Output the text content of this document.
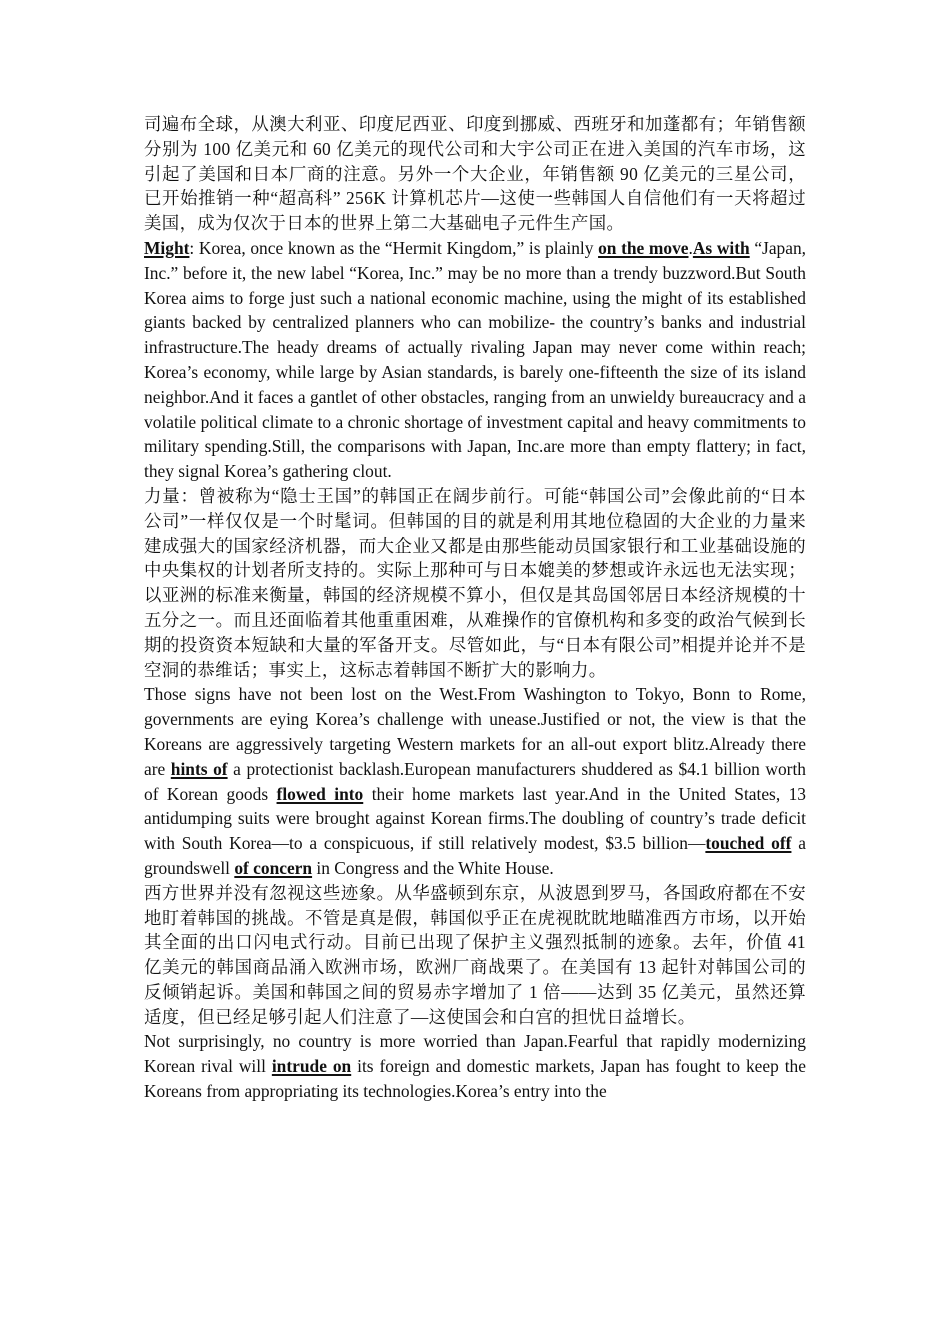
司遍布全球，从澳大利亚、印度尼西亚、印度到挪威、西班牙和加蓬都有；年销售额分别为 100 亿美元和 60 亿美元的现代公司和大宇公司正在进入美国的汽车市场，这引起了美国和日本厂商的注意。另外一个大企业，年销售额 90 亿美元的三星公司，已开始推销一种“超高科” 256K 计算机芯片—这使一些韩国人自信他们有一天将超过美国，成为仅次于日本的世界上第二大基础电子元件生产国。

Might: Korea, once known as the “Hermit Kingdom,” is plainly on the move.As with “Japan, Inc.” before it, the new label “Korea, Inc.” may be no more than a trendy buzzword.But South Korea aims to forge just such a national economic machine, using the might of its established giants backed by centralized planners who can mobilize- the country’s banks and industrial infrastructure.The heady dreams of actually rivaling Japan may never come within reach; Korea’s economy, while large by Asian standards, is barely one-fifteenth the size of its island neighbor.And it faces a gantlet of other obstacles, ranging from an unwieldy bureaucracy and a volatile political climate to a chronic shortage of investment capital and heavy commitments to military spending.Still, the comparisons with Japan, Inc.are more than empty flattery; in fact, they signal Korea’s gathering clout.

力量：曾被称为“隐士王国”的韩国正在阔步前行。可能“韩国公司”会像此前的“日本公司”一样仅仅是一个时髦词。但韩国的目的就是利用其地位稳固的大企业的力量来建成强大的国家经济机器，而大企业又都是由那些能动员国家银行和工业基础设施的中央集权的计划者所支持的。实际上那种可与日本媲美的梦想或许永远也无法实现；以亚洲的标准来衡量，韩国的经济规模不算小，但仅是其岛国邻居日本经济规模的十五分之一。而且还面临着其他重重困难，从难操作的官僚机构和多变的政治气候到长期的投资资本短缺和大量的军备开支。尽管如此，与“日本有限公司”相提并论并不是空洞的恭维话；事实上，这标志着韩国不断扩大的影响力。

Those signs have not been lost on the West.From Washington to Tokyo, Bonn to Rome, governments are eying Korea’s challenge with unease.Justified or not, the view is that the Koreans are aggressively targeting Western markets for an all-out export blitz.Already there are hints of a protectionist backlash.European manufacturers shuddered as $4.1 billion worth of Korean goods flowed into their home markets last year.And in the United States, 13 antidumping suits were brought against Korean firms.The doubling of country’s trade deficit with South Korea—to a conspicuous, if still relatively modest, $3.5 billion—touched off a groundswell of concern in Congress and the White House.

西方世界并没有忽视这些迹象。从华盛顿到东京，从波恩到罗马，各国政府都在不安地盯着韩国的挑战。不管是真是假，韩国似乎正在虎视眈眈地瞄准西方市场，以开始其全面的出口闪电式行动。目前已出现了保护主义强烈抵制的迹象。去年，价值 41 亿美元的韩国商品涌入欧洲市场，欧洲厂商战栗了。在美国有 13 起针对韩国公司的反倾销起诉。美国和韩国之间的贸易赤字增加了 1 倍——达到 35 亿美元，虽然还算适度，但已经足够引起人们注意了—这使国会和白宫的担忧日益增长。

Not surprisingly, no country is more worried than Japan.Fearful that rapidly modernizing Korean rival will intrude on its foreign and domestic markets, Japan has fought to keep the Koreans from appropriating its technologies.Korea’s entry into the
